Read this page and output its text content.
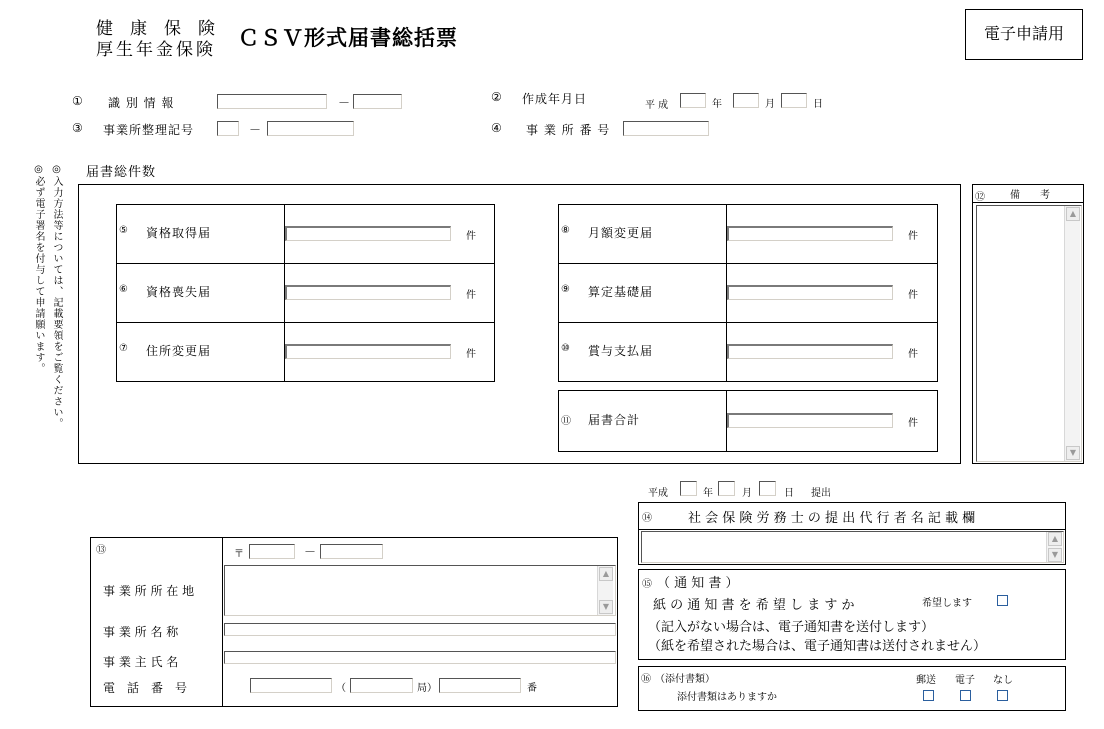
健　康　保　険
厚生年金保険 ＣＳＶ形式届書総括票	電子申請用
① 識 別 情 報	－	② 作成年月日	平 成	年	月	日
③ 事業所整理記号	－	④ 事 業 所 番 号
◎入力方法等については、記載要領をご覧ください。
◎必ず電子署名を付与して申請願います。	届書総件数
⑤ 資格取得届	件
⑥ 資格喪失届	件
⑦ 住所変更届	件
⑧ 月額変更届	件
⑨ 算定基礎届	件
⑩ 賞与支払届	件
⑪ 届書合計	件
⑫	備　　考
▲
▼
平成	年	月	日 提出
⑭	社 会 保 険 労 務 士 の 提 出 代 行 者 名 記 載 欄
▲
▼
⑬	〒	－
事 業 所 所 在 地
▲
▼
事 業 所 名 称
事 業 主 氏 名
電　話　番　号	（	局）	番
⑮ （ 通 知 書 ）
紙 の 通 知 書 を 希 望 し ま す か	希望します
（記入がない場合は、電子通知書を送付します）
（紙を希望された場合は、電子通知書は送付されません）
⑯ （添付書類）
添付書類はありますか
郵送 電子 なし
